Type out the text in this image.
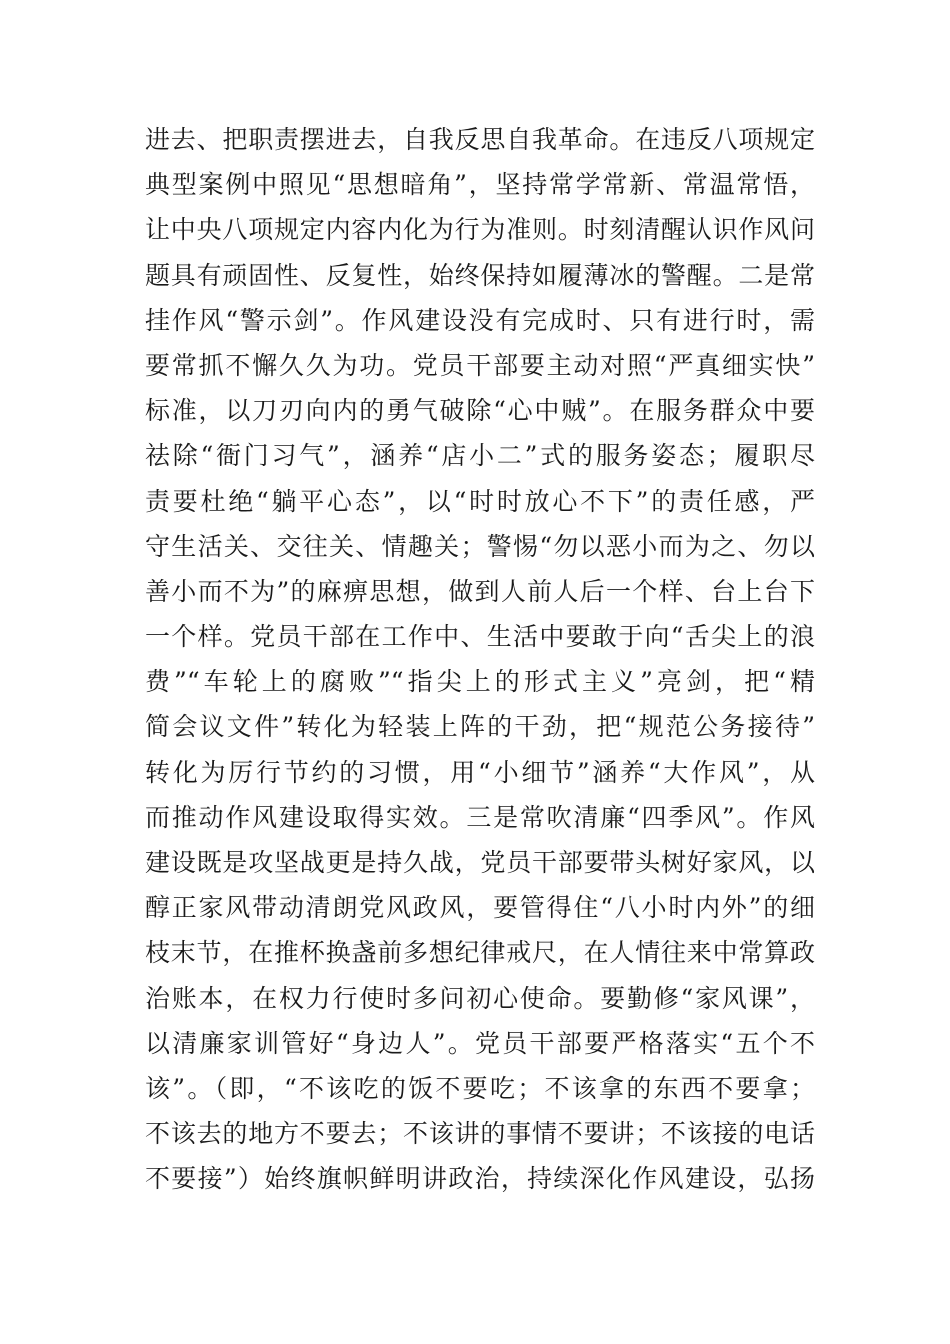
进去、把职责摆进去，自我反思自我革命。在违反八项规定
典型案例中照见“思想暗角”，坚持常学常新、常温常悟，
让中央八项规定内容内化为行为准则。时刻清醒认识作风问
题具有顽固性、反复性，始终保持如履薄冰的警醒。二是常
挂作风“警示剑”。作风建设没有完成时、只有进行时，需
要常抓不懈久久为功。党员干部要主动对照“严真细实快”
标准，以刀刃向内的勇气破除“心中贼”。在服务群众中要
祛除“衙门习气”，涵养“店小二”式的服务姿态；履职尽
责要杜绝“躺平心态”，以“时时放心不下”的责任感，严
守生活关、交往关、情趣关；警惕“勿以恶小而为之、勿以
善小而不为”的麻痹思想，做到人前人后一个样、台上台下
一个样。党员干部在工作中、生活中要敢于向“舌尖上的浪
费”“车轮上的腐败”“指尖上的形式主义”亮剑，把“精
简会议文件”转化为轻装上阵的干劲，把“规范公务接待”
转化为厉行节约的习惯，用“小细节”涵养“大作风”，从
而推动作风建设取得实效。三是常吹清廉“四季风”。作风
建设既是攻坚战更是持久战，党员干部要带头树好家风，以
醇正家风带动清朗党风政风，要管得住“八小时内外”的细
枝末节，在推杯换盏前多想纪律戒尺，在人情往来中常算政
治账本，在权力行使时多问初心使命。要勤修“家风课”，
以清廉家训管好“身边人”。党员干部要严格落实“五个不
该”。（即，“不该吃的饭不要吃；不该拿的东西不要拿；
不该去的地方不要去；不该讲的事情不要讲；不该接的电话
不要接”）始终旗帜鲜明讲政治，持续深化作风建设，弘扬
